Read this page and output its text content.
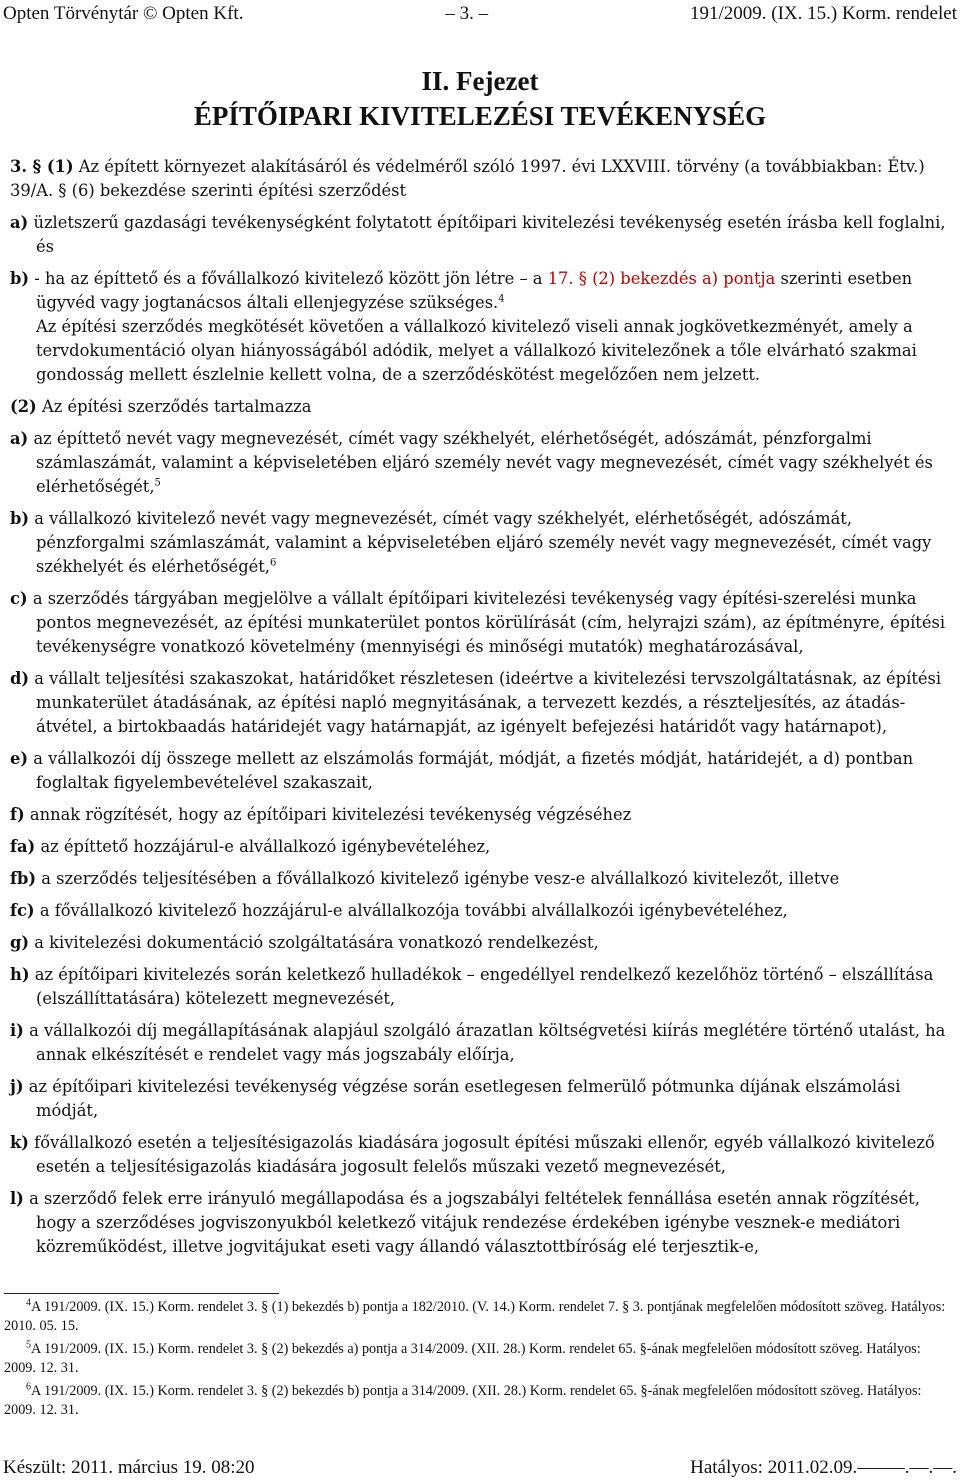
Opten Törvénytár © Opten Kft.	– 3. –	191/2009. (IX. 15.) Korm. rendelet
II. Fejezet
ÉPÍTŐIPARI KIVITELEZÉSI TEVÉKENYSÉG

3. § (1) Az épített környezet alakításáról és védelméről szóló 1997. évi LXXVIII. törvény (a továbbiakban: Étv.) 39/A. § (6) bekezdése szerinti építési szerződést

a) üzletszerű gazdasági tevékenységként folytatott építőipari kivitelezési tevékenység esetén írásba kell foglalni, és

b) - ha az építtető és a fővállalkozó kivitelező között jön létre – a 17. § (2) bekezdés a) pontja szerinti esetben ügyvéd vagy jogtanácsos általi ellenjegyzése szükséges.$^4$

Az építési szerződés megkötését követően a vállalkozó kivitelező viseli annak jogkövetkezményét, amely a tervdokumentáció olyan hiányosságából adódik, melyet a vállalkozó kivitelezőnek a tőle elvárható szakmai gondosság mellett észlelnie kellett volna, de a szerződéskötést megelőzően nem jelzett.

(2) Az építési szerződés tartalmazza

a) az építtető nevét vagy megnevezését, címét vagy székhelyét, elérhetőségét, adószámát, pénzforgalmi számlaszámát, valamint a képviseletében eljáró személy nevét vagy megnevezését, címét vagy székhelyét és elérhetőségét,$^5$

b) a vállalkozó kivitelező nevét vagy megnevezését, címét vagy székhelyét, elérhetőségét, adószámát, pénzforgalmi számlaszámát, valamint a képviseletében eljáró személy nevét vagy megnevezését, címét vagy székhelyét és elérhetőségét,$^6$

c) a szerződés tárgyában megjelölve a vállalt építőipari kivitelezési tevékenység vagy építési-szerelési munka pontos megnevezését, az építési munkaterület pontos körülírását (cím, helyrajzi szám), az építményre, építési tevékenységre vonatkozó követelmény (mennyiségi és minőségi mutatók) meghatározásával,

d) a vállalt teljesítési szakaszokat, határidőket részletesen (ideértve a kivitelezési tervszolgáltatásnak, az építési munkaterület átadásának, az építési napló megnyitásának, a tervezett kezdés, a részteljesítés, az átadás-átvétel, a birtokbaadás határidejét vagy határnapját, az igényelt befejezési határidőt vagy határnapot),

e) a vállalkozói díj összege mellett az elszámolás formáját, módját, a fizetés módját, határidejét, a d) pontban foglaltak figyelembevételével szakaszait,

f) annak rögzítését, hogy az építőipari kivitelezési tevékenység végzéséhez

fa) az építtető hozzájárul-e alvállalkozó igénybevételéhez,

fb) a szerződés teljesítésében a fővállalkozó kivitelező igénybe vesz-e alvállalkozó kivitelezőt, illetve

fc) a fővállalkozó kivitelező hozzájárul-e alvállalkozója további alvállalkozói igénybevételéhez,

g) a kivitelezési dokumentáció szolgáltatására vonatkozó rendelkezést,

h) az építőipari kivitelezés során keletkező hulladékok – engedéllyel rendelkező kezelőhöz történő – elszállítása (elszállíttatására) kötelezett megnevezését,

i) a vállalkozói díj megállapításának alapjául szolgáló árazatlan költségvetési kiírás meglétére történő utalást, ha annak elkészítését e rendelet vagy más jogszabály előírja,

j) az építőipari kivitelezési tevékenység végzése során esetlegesen felmerülő pótmunka díjának elszámolási módját,

k) fővállalkozó esetén a teljesítésigazolás kiadására jogosult építési műszaki ellenőr, egyéb vállalkozó kivitelező esetén a teljesítésigazolás kiadására jogosult felelős műszaki vezető megnevezését,

l) a szerződő felek erre irányuló megállapodása és a jogszabályi feltételek fennállása esetén annak rögzítését, hogy a szerződéses jogviszonyukból keletkező vitájuk rendezése érdekében igénybe vesznek-e mediátori közreműködést, illetve jogvitájukat eseti vagy állandó választottbíróság elé terjesztik-e,

$^4$A 191/2009. (IX. 15.) Korm. rendelet 3. § (1) bekezdés b) pontja a 182/2010. (V. 14.) Korm. rendelet 7. § 3. pontjának megfelelően módosított szöveg. Hatályos: 2010. 05. 15.

$^5$A 191/2009. (IX. 15.) Korm. rendelet 3. § (2) bekezdés a) pontja a 314/2009. (XII. 28.) Korm. rendelet 65. §-ának megfelelően módosított szöveg. Hatályos: 2009. 12. 31.

$^6$A 191/2009. (IX. 15.) Korm. rendelet 3. § (2) bekezdés b) pontja a 314/2009. (XII. 28.) Korm. rendelet 65. §-ának megfelelően módosított szöveg. Hatályos: 2009. 12. 31.

Készült: 2011. március 19. 08:20	Hatályos: 2011.02.09.–––––.––.––.
